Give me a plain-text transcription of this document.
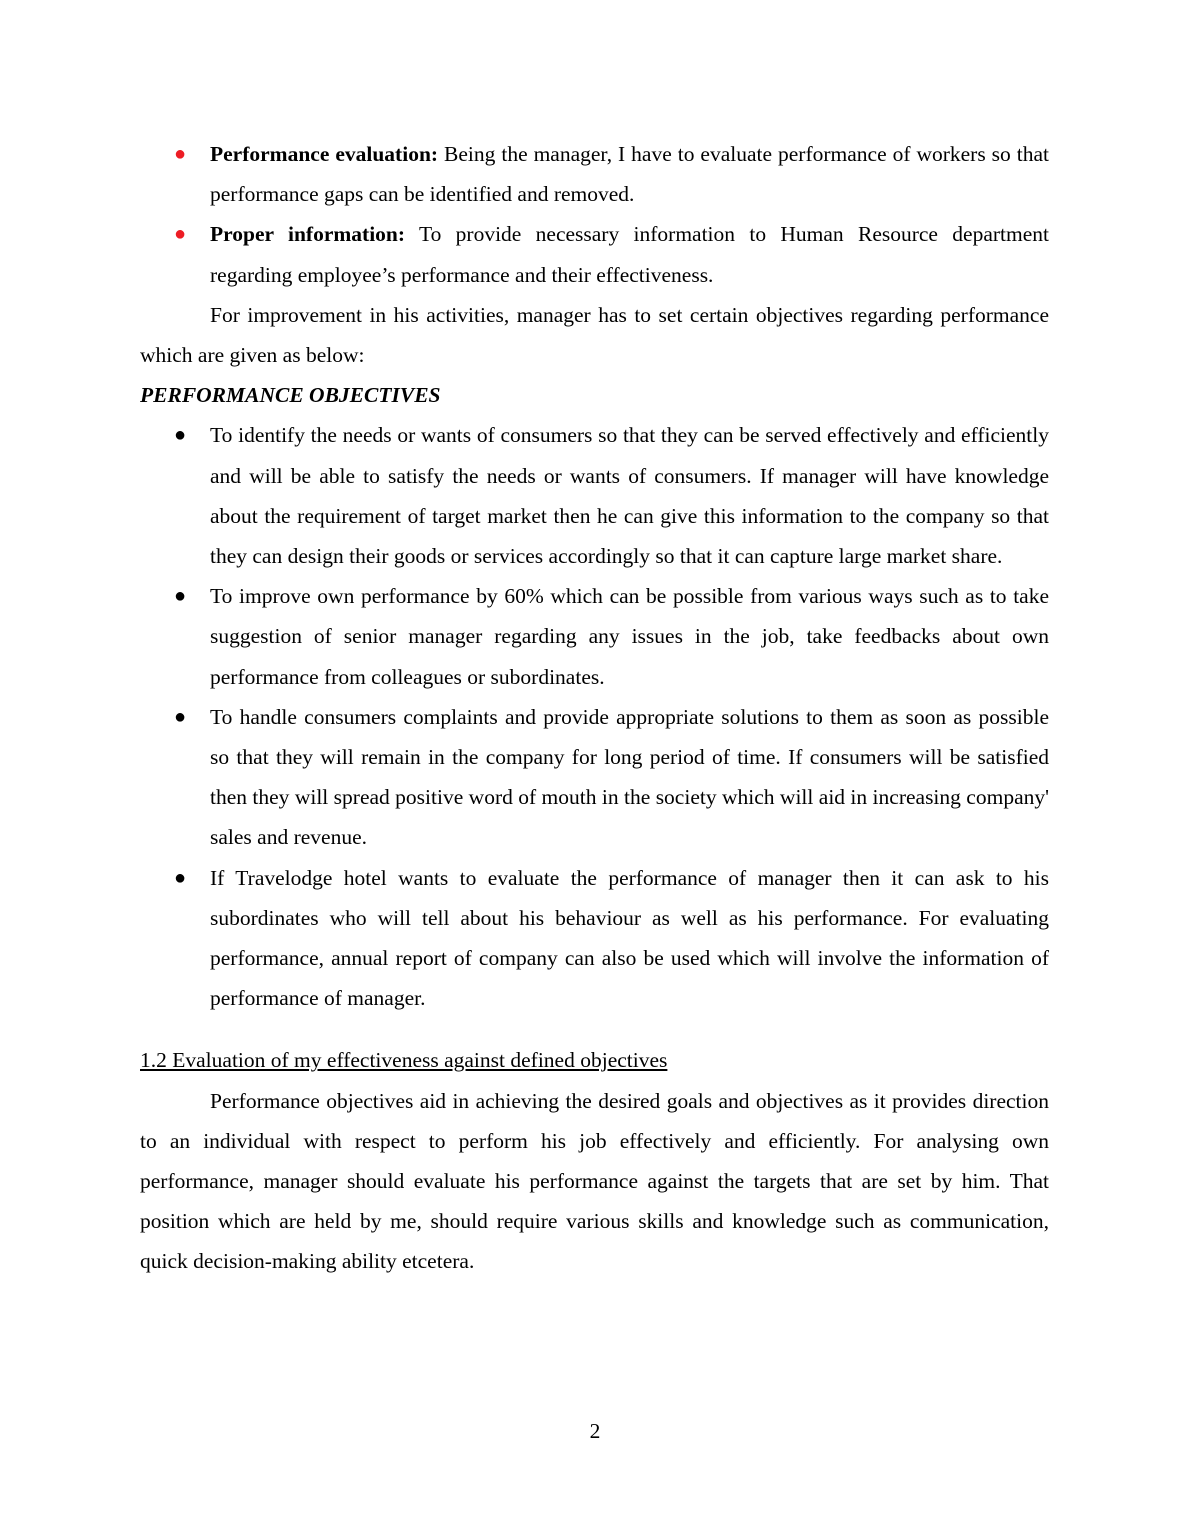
● Performance evaluation: Being the manager, I have to evaluate performance of workers so that performance gaps can be identified and removed.
● Proper information: To provide necessary information to Human Resource department regarding employee’s performance and their effectiveness.
For improvement in his activities, manager has to set certain objectives regarding performance which are given as below:
PERFORMANCE OBJECTIVES
● To identify the needs or wants of consumers so that they can be served effectively and efficiently and will be able to satisfy the needs or wants of consumers. If manager will have knowledge about the requirement of target market then he can give this information to the company so that they can design their goods or services accordingly so that it can capture large market share.
● To improve own performance by 60% which can be possible from various ways such as to take suggestion of senior manager regarding any issues in the job, take feedbacks about own performance from colleagues or subordinates.
● To handle consumers complaints and provide appropriate solutions to them as soon as possible so that they will remain in the company for long period of time. If consumers will be satisfied then they will spread positive word of mouth in the society which will aid in increasing company' sales and revenue.
● If Travelodge hotel wants to evaluate the performance of manager then it can ask to his subordinates who will tell about his behaviour as well as his performance. For evaluating performance, annual report of company can also be used which will involve the information of performance of manager.
1.2 Evaluation of my effectiveness against defined objectives
Performance objectives aid in achieving the desired goals and objectives as it provides direction to an individual with respect to perform his job effectively and efficiently. For analysing own performance, manager should evaluate his performance against the targets that are set by him. That position which are held by me, should require various skills and knowledge such as communication, quick decision-making ability etcetera.
2
